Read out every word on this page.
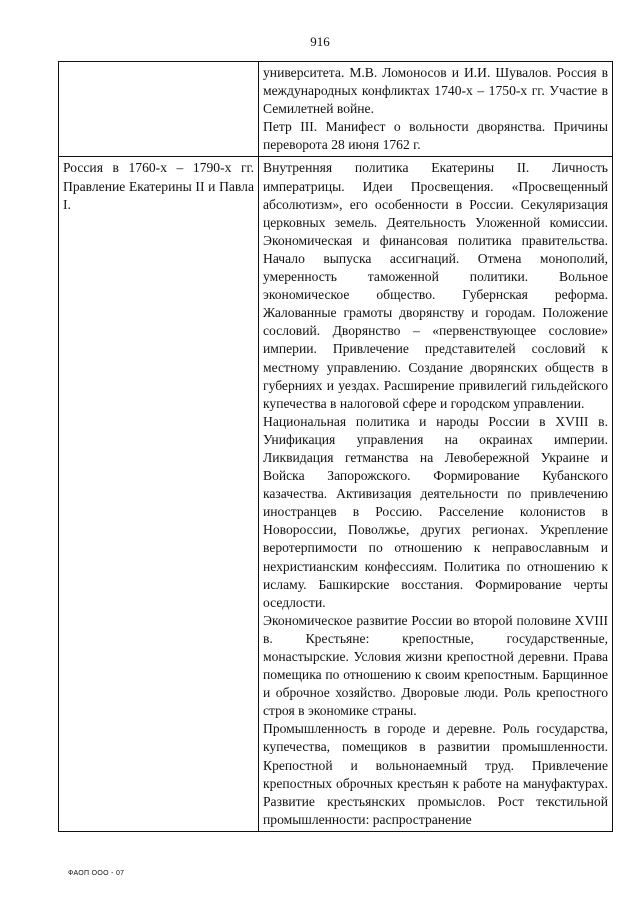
916

	университета. М.В. Ломоносов и И.И. Шувалов. Россия в международных конфликтах 1740-х – 1750-х гг. Участие в Семилетней войне.

Петр III. Манифест о вольности дворянства. Причины переворота 28 июня 1762 г.

Россия в 1760-х – 1790-х гг. Правление Екатерины II и Павла I.	Внутренняя политика Екатерины II. Личность императрицы. Идеи Просвещения. «Просвещенный абсолютизм», его особенности в России. Секуляризация церковных земель. Деятельность Уложенной комиссии. Экономическая и финансовая политика правительства. Начало выпуска ассигнаций. Отмена монополий, умеренность таможенной политики. Вольное экономическое общество. Губернская реформа. Жалованные грамоты дворянству и городам. Положение сословий. Дворянство – «первенствующее сословие» империи. Привлечение представителей сословий к местному управлению. Создание дворянских обществ в губерниях и уездах. Расширение привилегий гильдейского купечества в налоговой сфере и городском управлении.

Национальная политика и народы России в XVIII в. Унификация управления на окраинах империи. Ликвидация гетманства на Левобережной Украине и Войска Запорожского. Формирование Кубанского казачества. Активизация деятельности по привлечению иностранцев в Россию. Расселение колонистов в Новороссии, Поволжье, других регионах. Укрепление веротерпимости по отношению к неправославным и нехристианским конфессиям. Политика по отношению к исламу. Башкирские восстания. Формирование черты оседлости.

Экономическое развитие России во второй половине XVIII в. Крестьяне: крепостные, государственные, монастырские. Условия жизни крепостной деревни. Права помещика по отношению к своим крепостным. Барщинное и оброчное хозяйство. Дворовые люди. Роль крепостного строя в экономике страны.

Промышленность в городе и деревне. Роль государства, купечества, помещиков в развитии промышленности. Крепостной и вольнонаемный труд. Привлечение крепостных оброчных крестьян к работе на мануфактурах. Развитие крестьянских промыслов. Рост текстильной промышленности: распространение

ФАОП ООО - 07
